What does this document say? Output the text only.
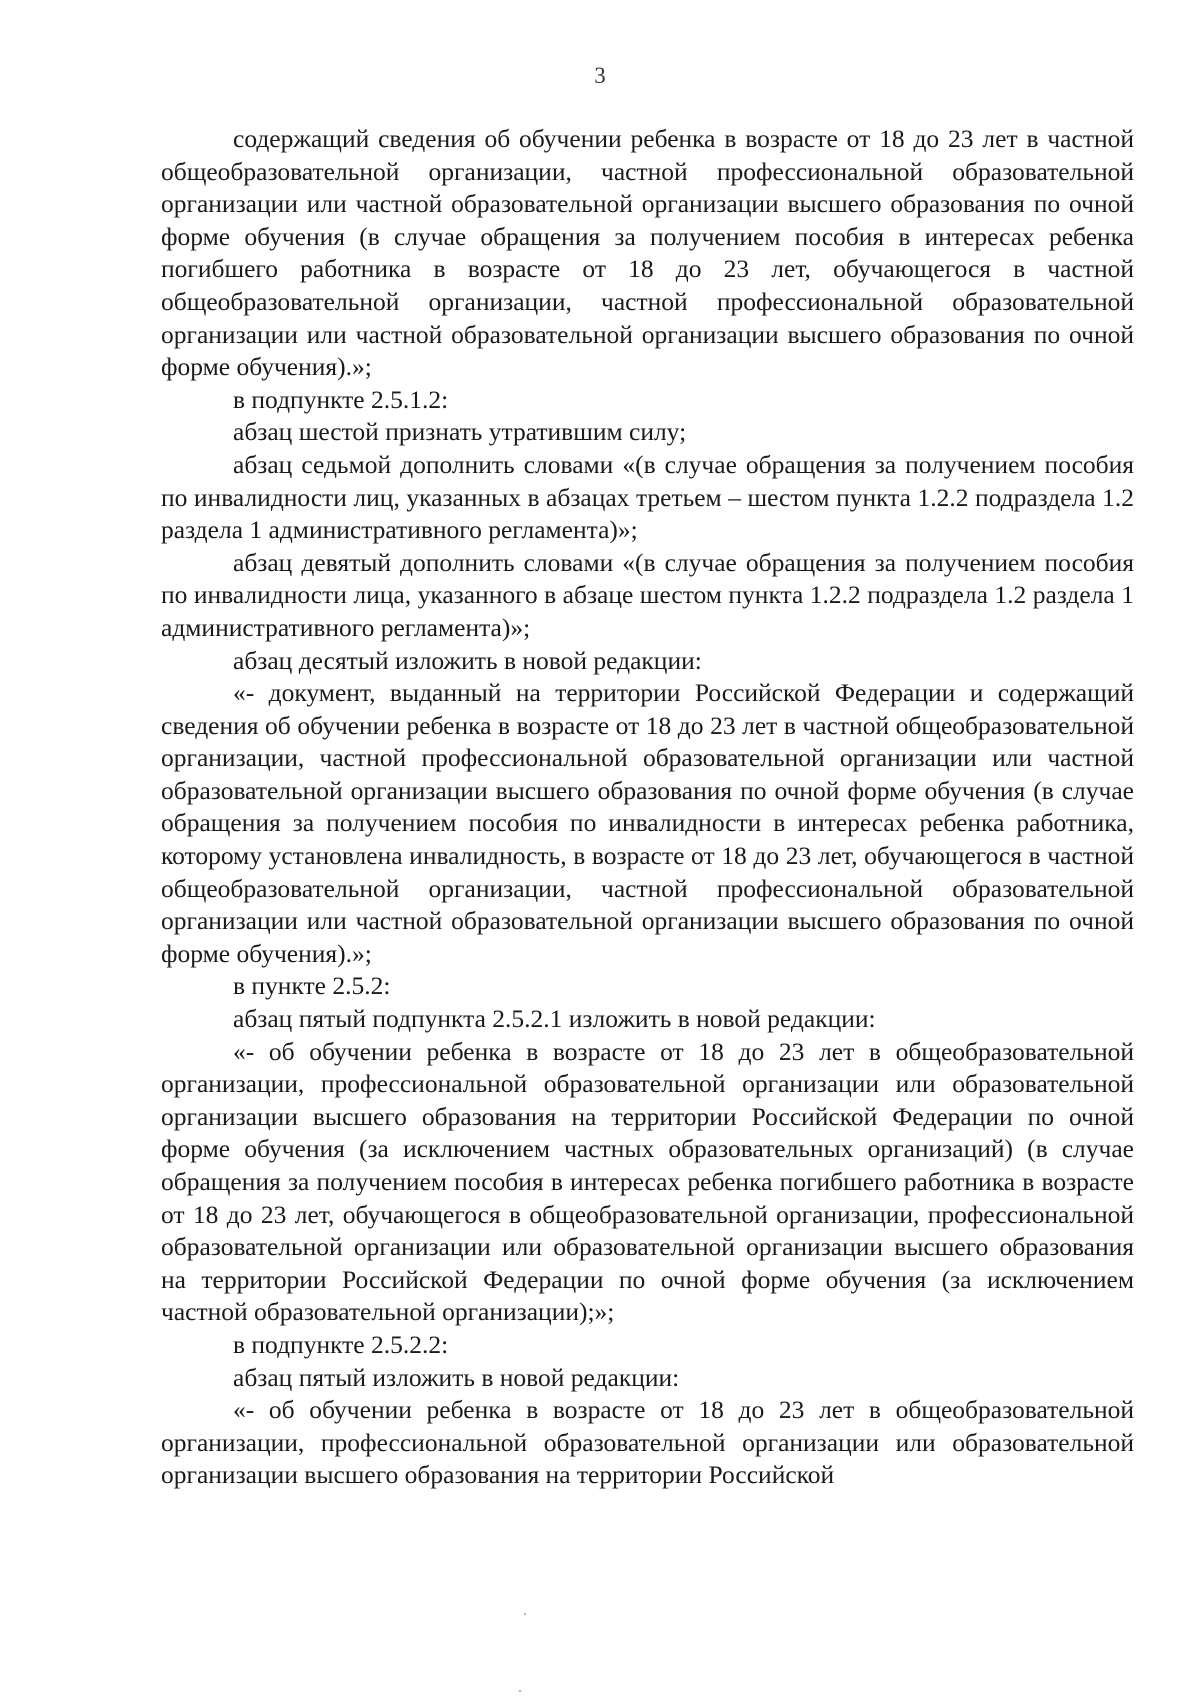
3

содержащий сведения об обучении ребенка в возрасте от 18 до 23 лет в частной общеобразовательной организации, частной профессиональной образовательной организации или частной образовательной организации высшего образования по очной форме обучения (в случае обращения за получением пособия в интересах ребенка погибшего работника в возрасте от 18 до 23 лет, обучающегося в частной общеобразовательной организации, частной профессиональной образовательной организации или частной образовательной организации высшего образования по очной форме обучения).»;

в подпункте 2.5.1.2:

абзац шестой признать утратившим силу;

абзац седьмой дополнить словами «(в случае обращения за получением пособия по инвалидности лиц, указанных в абзацах третьем – шестом пункта 1.2.2 подраздела 1.2 раздела 1 административного регламента)»;

абзац девятый дополнить словами «(в случае обращения за получением пособия по инвалидности лица, указанного в абзаце шестом пункта 1.2.2 подраздела 1.2 раздела 1 административного регламента)»;

абзац десятый изложить в новой редакции:

«- документ, выданный на территории Российской Федерации и содержащий сведения об обучении ребенка в возрасте от 18 до 23 лет в частной общеобразовательной организации, частной профессиональной образовательной организации или частной образовательной организации высшего образования по очной форме обучения (в случае обращения за получением пособия по инвалидности в интересах ребенка работника, которому установлена инвалидность, в возрасте от 18 до 23 лет, обучающегося в частной общеобразовательной организации, частной профессиональной образовательной организации или частной образовательной организации высшего образования по очной форме обучения).»;

в пункте 2.5.2:

абзац пятый подпункта 2.5.2.1 изложить в новой редакции:

«- об обучении ребенка в возрасте от 18 до 23 лет в общеобразовательной организации, профессиональной образовательной организации или образовательной организации высшего образования на территории Российской Федерации по очной форме обучения (за исключением частных образовательных организаций) (в случае обращения за получением пособия в интересах ребенка погибшего работника в возрасте от 18 до 23 лет, обучающегося в общеобразовательной организации, профессиональной образовательной организации или образовательной организации высшего образования на территории Российской Федерации по очной форме обучения (за исключением частной образовательной организации);»;

в подпункте 2.5.2.2:

абзац пятый изложить в новой редакции:

«- об обучении ребенка в возрасте от 18 до 23 лет в общеобразовательной организации, профессиональной образовательной организации или образовательной организации высшего образования на территории Российской
